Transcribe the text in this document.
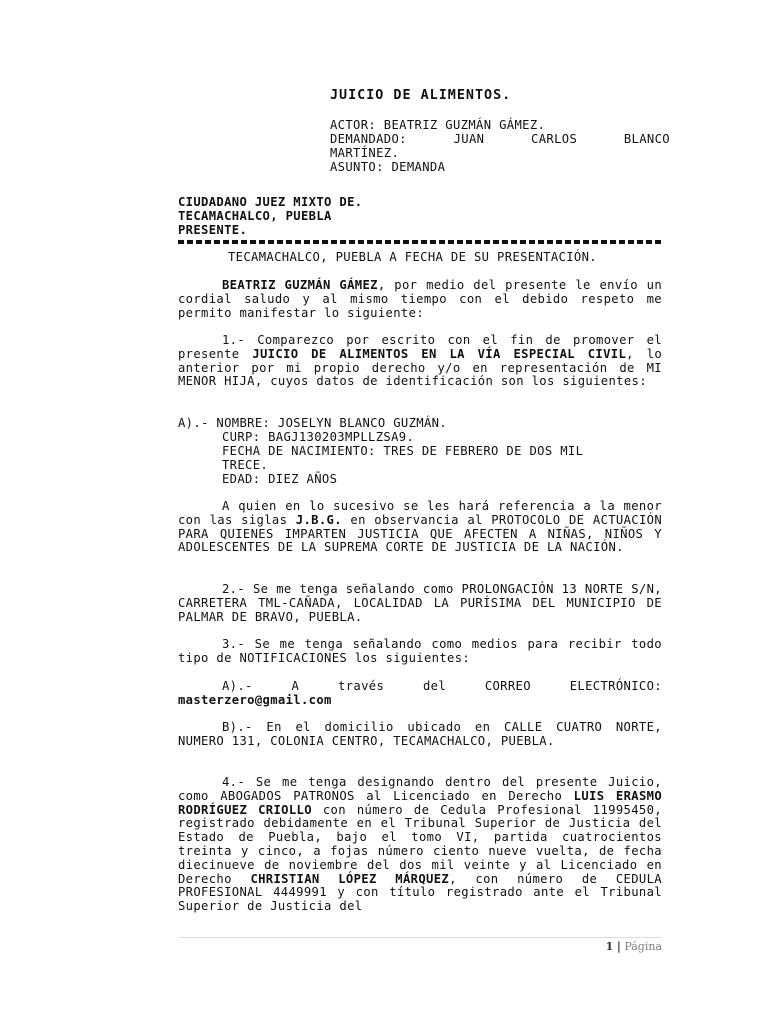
JUICIO DE ALIMENTOS.
ACTOR: BEATRIZ GUZMÁN GÁMEZ.
DEMANDADO:	JUAN	CARLOS	BLANCO
MARTÍNEZ.
ASUNTO: DEMANDA
CIUDADANO JUEZ MIXTO DE.
TECAMACHALCO, PUEBLA
PRESENTE.
TECAMACHALCO, PUEBLA A FECHA DE SU PRESENTACIÓN.
BEATRIZ GUZMÁN GÁMEZ, por medio del presente le envío un cordial saludo y al mismo tiempo con el debido respeto me permito manifestar lo siguiente:
1.- Comparezco por escrito con el fin de promover el presente JUICIO DE ALIMENTOS EN LA VÍA ESPECIAL CIVIL, lo anterior por mi propio derecho y/o en representación de MI MENOR HIJA, cuyos datos de identificación son los siguientes:
A).- NOMBRE: JOSELYN BLANCO GUZMÁN.
CURP: BAGJ130203MPLLZSA9.
FECHA DE NACIMIENTO: TRES DE FEBRERO DE DOS MIL
TRECE.
EDAD: DIEZ AÑOS
A quien en lo sucesivo se les hará referencia a la menor con las siglas J.B.G. en observancia al PROTOCOLO DE ACTUACIÓN PARA QUIENES IMPARTEN JUSTICIA QUE AFECTEN A NIÑAS, NIÑOS Y ADOLESCENTES DE LA SUPREMA CORTE DE JUSTICIA DE LA NACIÓN.
2.- Se me tenga señalando como PROLONGACIÓN 13 NORTE S/N, CARRETERA TML-CAÑADA, LOCALIDAD LA PURÍSIMA DEL MUNICIPIO DE PALMAR DE BRAVO, PUEBLA.
3.- Se me tenga señalando como medios para recibir todo tipo de NOTIFICACIONES los siguientes:
A).-	A	través	del	CORREO	ELECTRÓNICO:
masterzero@gmail.com
B).- En el domicilio ubicado en CALLE CUATRO NORTE, NUMERO 131, COLONIA CENTRO, TECAMACHALCO, PUEBLA.
4.- Se me tenga designando dentro del presente Juicio, como ABOGADOS PATRONOS al Licenciado en Derecho LUIS ERASMO RODRÍGUEZ CRIOLLO con número de Cedula Profesional 11995450, registrado debidamente en el Tribunal Superior de Justicia del Estado de Puebla, bajo el tomo VI, partida cuatrocientos treinta y cinco, a fojas número ciento nueve vuelta, de fecha diecinueve de noviembre del dos mil veinte y al Licenciado en Derecho CHRISTIAN LÓPEZ MÁRQUEZ, con número de CEDULA PROFESIONAL 4449991 y con título registrado ante el Tribunal Superior de Justicia del
1 | Página
